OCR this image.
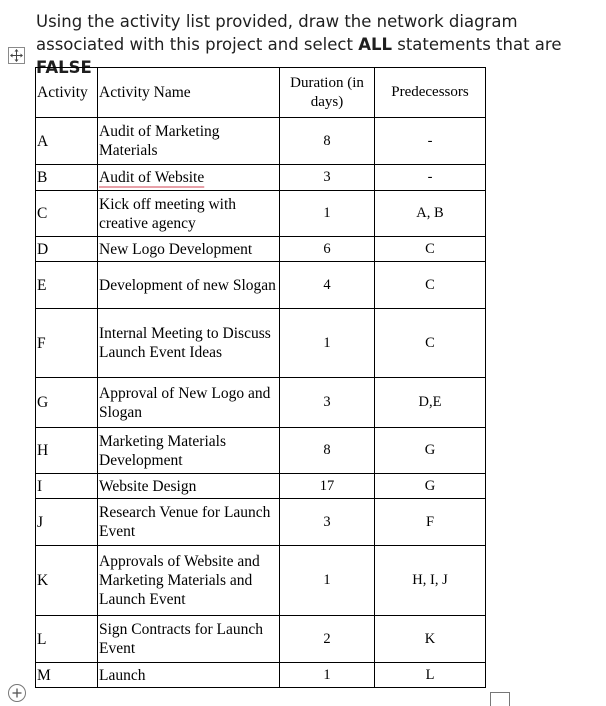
Using the activity list provided, draw the network diagram associated with this project and select ALL statements that are FALSE
Activity	Activity Name	Duration (in days)	Predecessors
A	Audit of Marketing Materials	8	-
B	Audit of Website	3	-
C	Kick off meeting with creative agency	1	A, B
D	New Logo Development	6	C
E	Development of new Slogan	4	C
F	Internal Meeting to Discuss Launch Event Ideas	1	C
G	Approval of New Logo and Slogan	3	D,E
H	Marketing Materials Development	8	G
I	Website Design	17	G
J	Research Venue for Launch Event	3	F
K	Approvals of Website and Marketing Materials and Launch Event	1	H, I, J
L	Sign Contracts for Launch Event	2	K
M	Launch	1	L
